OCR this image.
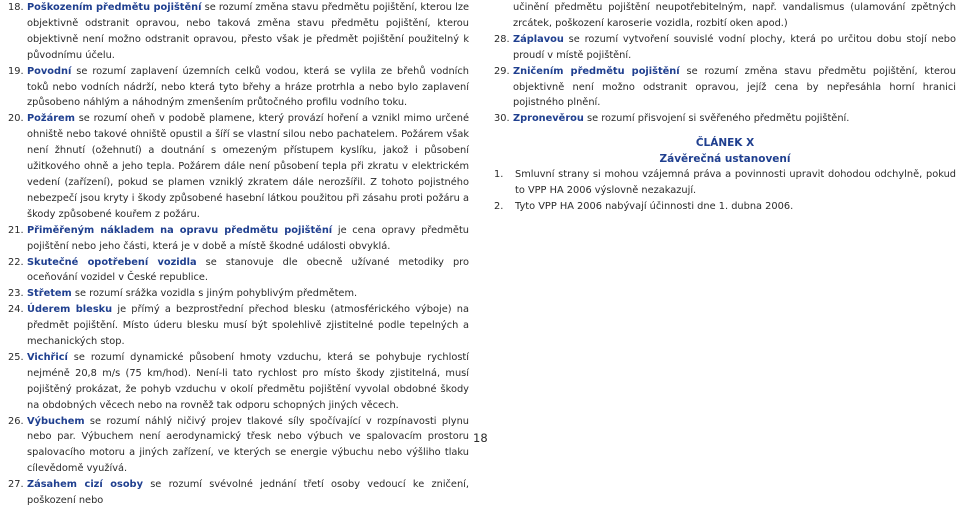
18. Poškozením předmětu pojištění se rozumí změna stavu předmětu pojištění, kterou lze objektivně odstranit opravou, nebo taková změna stavu předmětu pojištění, kterou objektivně není možno odstranit opravou, přesto však je předmět pojištění použitelný k původnímu účelu.

19. Povodní se rozumí zaplavení územních celků vodou, která se vylila ze břehů vodních toků nebo vodních nádrží, nebo která tyto břehy a hráze protrhla a nebo bylo zaplavení způsobeno náhlým a náhodným zmenšením průtočného profilu vodního toku.

20. Požárem se rozumí oheň v podobě plamene, který provází hoření a vznikl mimo určené ohniště nebo takové ohniště opustil a šíří se vlastní silou nebo pachatelem. Požárem však není žhnutí (ožehnutí) a doutnání s omezeným přístupem kyslíku, jakož i působení užitkového ohně a jeho tepla. Požárem dále není působení tepla při zkratu v elektrickém vedení (zařízení), pokud se plamen vzniklý zkratem dále nerozšířil. Z tohoto pojistného nebezpečí jsou kryty i škody způsobené hasební látkou použitou při zásahu proti požáru a škody způsobené kouřem z požáru.

21. Přiměřeným nákladem na opravu předmětu pojištění je cena opravy předmětu pojištění nebo jeho části, která je v době a místě škodné události obvyklá.

22. Skutečné opotřebení vozidla se stanovuje dle obecně užívané metodiky pro oceňování vozidel v České republice.

23. Střetem se rozumí srážka vozidla s jiným pohyblivým předmětem.

24. Úderem blesku je přímý a bezprostřední přechod blesku (atmosférického výboje) na předmět pojištění. Místo úderu blesku musí být spolehlivě zjistitelné podle tepelných a mechanických stop.

25. Vichřicí se rozumí dynamické působení hmoty vzduchu, která se pohybuje rychlostí nejméně 20,8 m/s (75 km/hod). Není-li tato rychlost pro místo škody zjistitelná, musí pojištěný prokázat, že pohyb vzduchu v okolí předmětu pojištění vyvolal obdobné škody na obdobných věcech nebo na rovněž tak odporu schopných jiných věcech.

26. Výbuchem se rozumí náhlý ničivý projev tlakové síly spočívající v rozpínavosti plynu nebo par. Výbuchem není aerodynamický třesk nebo výbuch ve spalovacím prostoru spalovacího motoru a jiných zařízení, ve kterých se energie výbuchu nebo výšliho tlaku cílevědomě využívá.

27. Zásahem cizí osoby se rozumí svévolné jednání třetí osoby vedoucí ke zničení, poškození nebo

učinění předmětu pojištění neupotřebitelným, např. vandalismus (ulamování zpětných zrcátek, poškození karoserie vozidla, rozbití oken apod.)

28. Záplavou se rozumí vytvoření souvislé vodní plochy, která po určitou dobu stojí nebo proudí v místě pojištění.

29. Zničením předmětu pojištění se rozumí změna stavu předmětu pojištění, kterou objektivně není možno odstranit opravou, jejíž cena by nepřesáhla horní hranici pojistného plnění.

30. Zpronevěrou se rozumí přisvojení si svěřeného předmětu pojištění.

ČLÁNEK X

Závěrečná ustanovení

1. Smluvní strany si mohou vzájemná práva a povinnosti upravit dohodou odchylně, pokud to VPP HA 2006 výslovně nezakazují.

2. Tyto VPP HA 2006 nabývají účinnosti dne 1. dubna 2006.

18
